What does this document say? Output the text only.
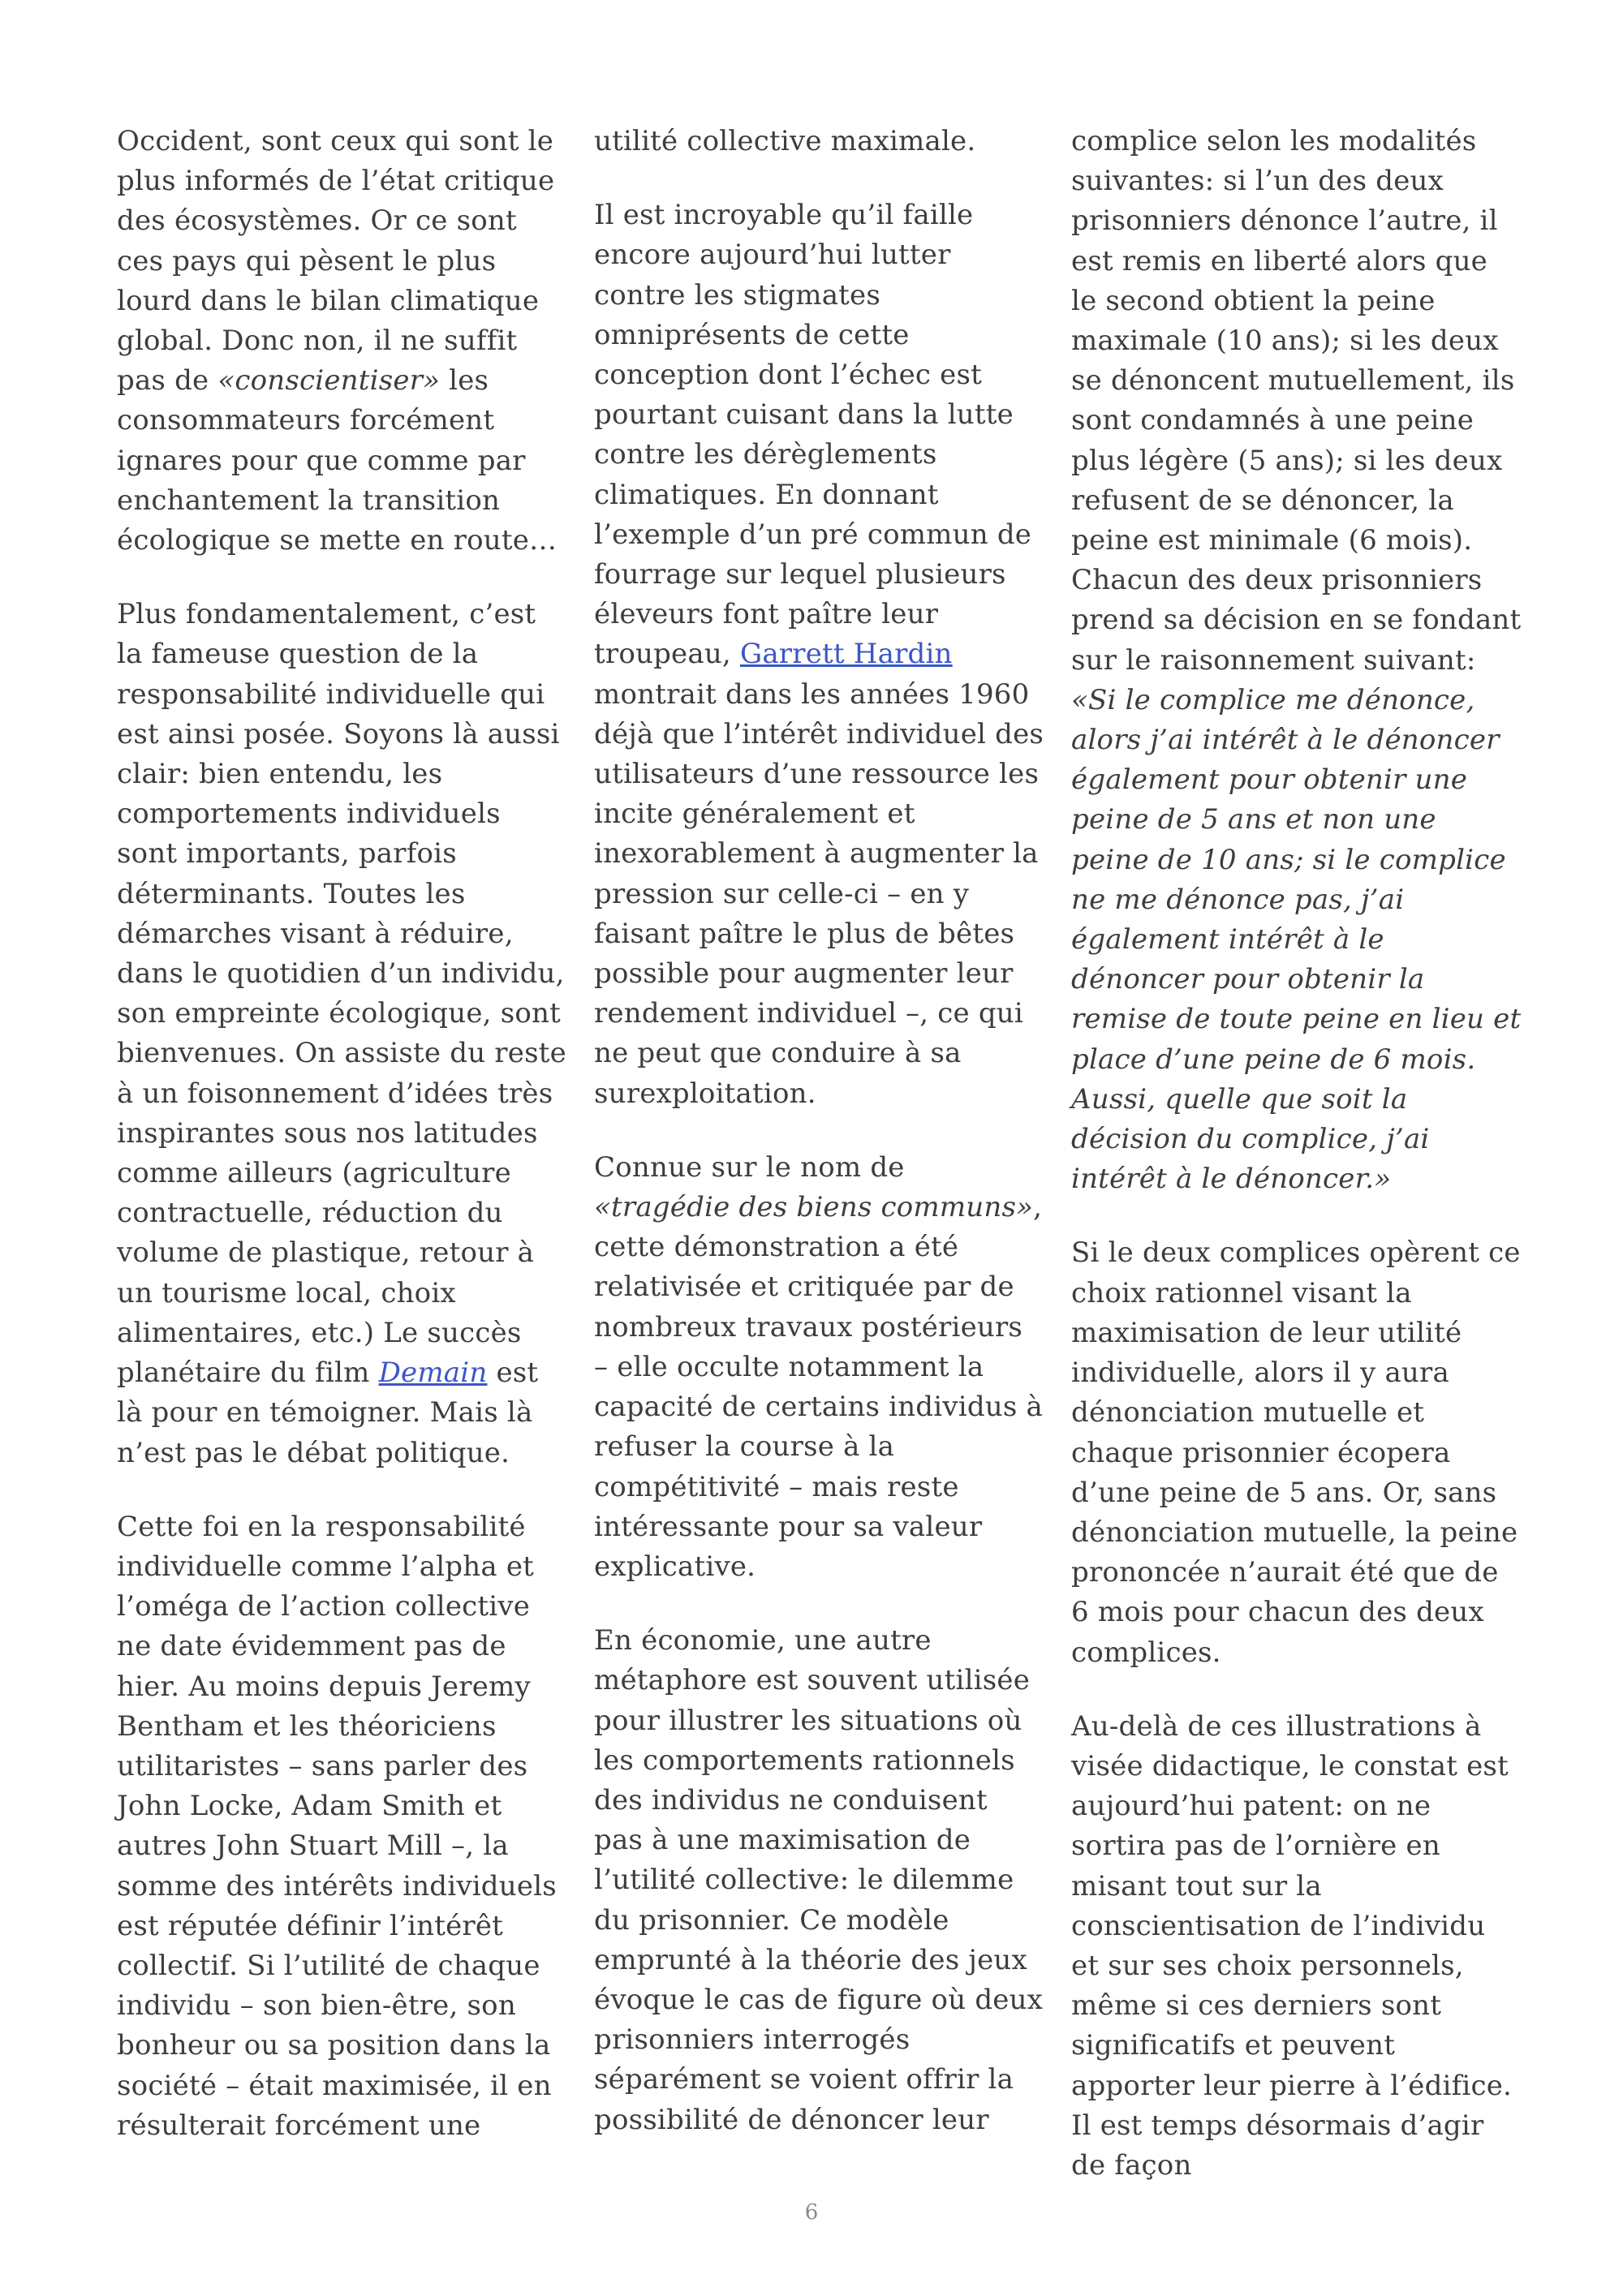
Occident, sont ceux qui sont le plus informés de l’état critique des écosystèmes. Or ce sont ces pays qui pèsent le plus lourd dans le bilan climatique global. Donc non, il ne suffit pas de «conscientiser» les consommateurs forcément ignares pour que comme par enchantement la transition écologique se mette en route…

Plus fondamentalement, c’est la fameuse question de la responsabilité individuelle qui est ainsi posée. Soyons là aussi clair: bien entendu, les comportements individuels sont importants, parfois déterminants. Toutes les démarches visant à réduire, dans le quotidien d’un individu, son empreinte écologique, sont bienvenues. On assiste du reste à un foisonnement d’idées très inspirantes sous nos latitudes comme ailleurs (agriculture contractuelle, réduction du volume de plastique, retour à un tourisme local, choix alimentaires, etc.) Le succès planétaire du film Demain est là pour en témoigner. Mais là n’est pas le débat politique.

Cette foi en la responsabilité individuelle comme l’alpha et l’oméga de l’action collective ne date évidemment pas de hier. Au moins depuis Jeremy Bentham et les théoriciens utilitaristes – sans parler des John Locke, Adam Smith et autres John Stuart Mill –, la somme des intérêts individuels est réputée définir l’intérêt collectif. Si l’utilité de chaque individu – son bien-être, son bonheur ou sa position dans la société – était maximisée, il en résulterait forcément une

utilité collective maximale.

Il est incroyable qu’il faille encore aujourd’hui lutter contre les stigmates omniprésents de cette conception dont l’échec est pourtant cuisant dans la lutte contre les dérèglements climatiques. En donnant l’exemple d’un pré commun de fourrage sur lequel plusieurs éleveurs font paître leur troupeau, Garrett Hardin montrait dans les années 1960 déjà que l’intérêt individuel des utilisateurs d’une ressource les incite généralement et inexorablement à augmenter la pression sur celle-ci – en y faisant paître le plus de bêtes possible pour augmenter leur rendement individuel –, ce qui ne peut que conduire à sa surexploitation.

Connue sur le nom de «tragédie des biens communs», cette démonstration a été relativisée et critiquée par de nombreux travaux postérieurs – elle occulte notamment la capacité de certains individus à refuser la course à la compétitivité – mais reste intéressante pour sa valeur explicative.

En économie, une autre métaphore est souvent utilisée pour illustrer les situations où les comportements rationnels des individus ne conduisent pas à une maximisation de l’utilité collective: le dilemme du prisonnier. Ce modèle emprunté à la théorie des jeux évoque le cas de figure où deux prisonniers interrogés séparément se voient offrir la possibilité de dénoncer leur

complice selon les modalités suivantes: si l’un des deux prisonniers dénonce l’autre, il est remis en liberté alors que le second obtient la peine maximale (10 ans); si les deux se dénoncent mutuellement, ils sont condamnés à une peine plus légère (5 ans); si les deux refusent de se dénoncer, la peine est minimale (6 mois). Chacun des deux prisonniers prend sa décision en se fondant sur le raisonnement suivant: «Si le complice me dénonce, alors j’ai intérêt à le dénoncer également pour obtenir une peine de 5 ans et non une peine de 10 ans; si le complice ne me dénonce pas, j’ai également intérêt à le dénoncer pour obtenir la remise de toute peine en lieu et place d’une peine de 6 mois. Aussi, quelle que soit la décision du complice, j’ai intérêt à le dénoncer.»

Si le deux complices opèrent ce choix rationnel visant la maximisation de leur utilité individuelle, alors il y aura dénonciation mutuelle et chaque prisonnier écopera d’une peine de 5 ans. Or, sans dénonciation mutuelle, la peine prononcée n’aurait été que de 6 mois pour chacun des deux complices.

Au-delà de ces illustrations à visée didactique, le constat est aujourd’hui patent: on ne sortira pas de l’ornière en misant tout sur la conscientisation de l’individu et sur ses choix personnels, même si ces derniers sont significatifs et peuvent apporter leur pierre à l’édifice. Il est temps désormais d’agir de façon

6
